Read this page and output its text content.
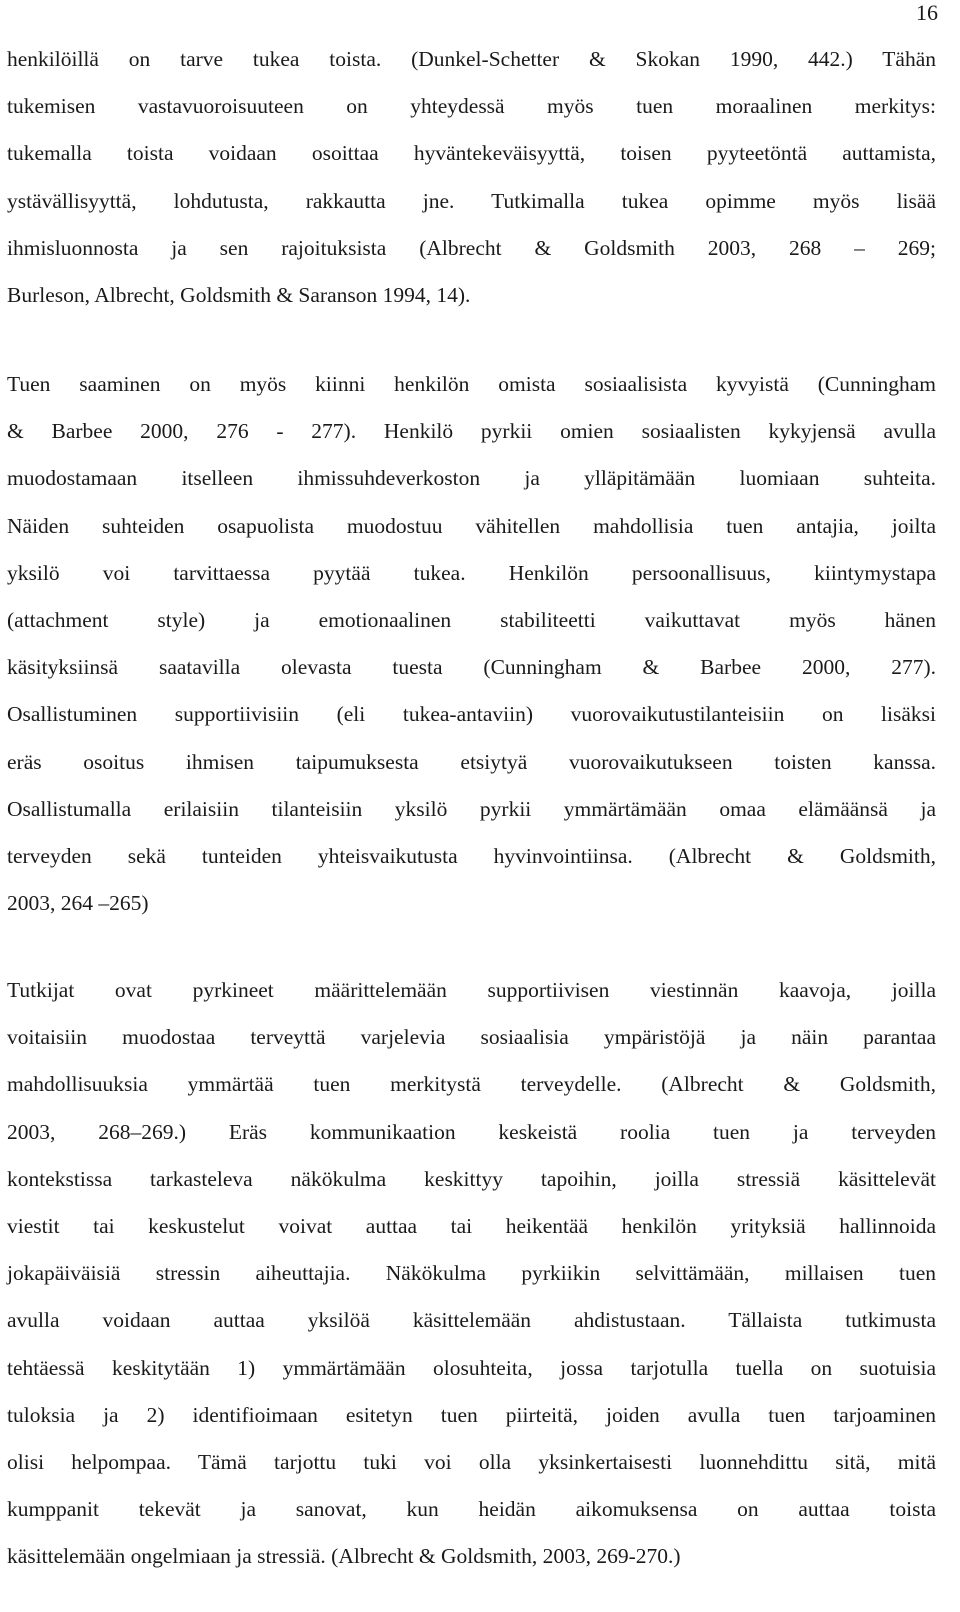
16
henkilöillä on tarve tukea toista. (Dunkel-Schetter & Skokan 1990, 442.) Tähän
tukemisen vastavuoroisuuteen on yhteydessä myös tuen moraalinen merkitys:
tukemalla toista voidaan osoittaa hyväntekeväisyyttä, toisen pyyteetöntä auttamista,
ystävällisyyttä, lohdutusta, rakkautta jne. Tutkimalla tukea opimme myös lisää
ihmisluonnosta ja sen rajoituksista (Albrecht & Goldsmith 2003, 268 – 269;
Burleson, Albrecht, Goldsmith & Saranson 1994, 14).
Tuen saaminen on myös kiinni henkilön omista sosiaalisista kyvyistä (Cunningham
& Barbee 2000, 276 - 277). Henkilö pyrkii omien sosiaalisten kykyjensä avulla
muodostamaan itselleen ihmissuhdeverkoston ja ylläpitämään luomiaan suhteita.
Näiden suhteiden osapuolista muodostuu vähitellen mahdollisia tuen antajia, joilta
yksilö voi tarvittaessa pyytää tukea. Henkilön persoonallisuus, kiintymystapa
(attachment style) ja emotionaalinen stabiliteetti vaikuttavat myös hänen
käsityksiinsä saatavilla olevasta tuesta (Cunningham & Barbee 2000, 277).
Osallistuminen supportiivisiin (eli tukea-antaviin) vuorovaikutustilanteisiin on lisäksi
eräs osoitus ihmisen taipumuksesta etsiytyä vuorovaikutukseen toisten kanssa.
Osallistumalla erilaisiin tilanteisiin yksilö pyrkii ymmärtämään omaa elämäänsä ja
terveyden sekä tunteiden yhteisvaikutusta hyvinvointiinsa. (Albrecht & Goldsmith,
2003, 264 –265)
Tutkijat ovat pyrkineet määrittelemään supportiivisen viestinnän kaavoja, joilla
voitaisiin muodostaa terveyttä varjelevia sosiaalisia ympäristöjä ja näin parantaa
mahdollisuuksia ymmärtää tuen merkitystä terveydelle. (Albrecht & Goldsmith,
2003, 268–269.) Eräs kommunikaation keskeistä roolia tuen ja terveyden
kontekstissa tarkasteleva näkökulma keskittyy tapoihin, joilla stressiä käsittelevät
viestit tai keskustelut voivat auttaa tai heikentää henkilön yrityksiä hallinnoida
jokapäiväisiä stressin aiheuttajia. Näkökulma pyrkiikin selvittämään, millaisen tuen
avulla voidaan auttaa yksilöä käsittelemään ahdistustaan. Tällaista tutkimusta
tehtäessä keskitytään 1) ymmärtämään olosuhteita, jossa tarjotulla tuella on suotuisia
tuloksia ja 2) identifioimaan esitetyn tuen piirteitä, joiden avulla tuen tarjoaminen
olisi helpompaa. Tämä tarjottu tuki voi olla yksinkertaisesti luonnehdittu sitä, mitä
kumppanit tekevät ja sanovat, kun heidän aikomuksensa on auttaa toista
käsittelemään ongelmiaan ja stressiä. (Albrecht & Goldsmith, 2003, 269-270.)
